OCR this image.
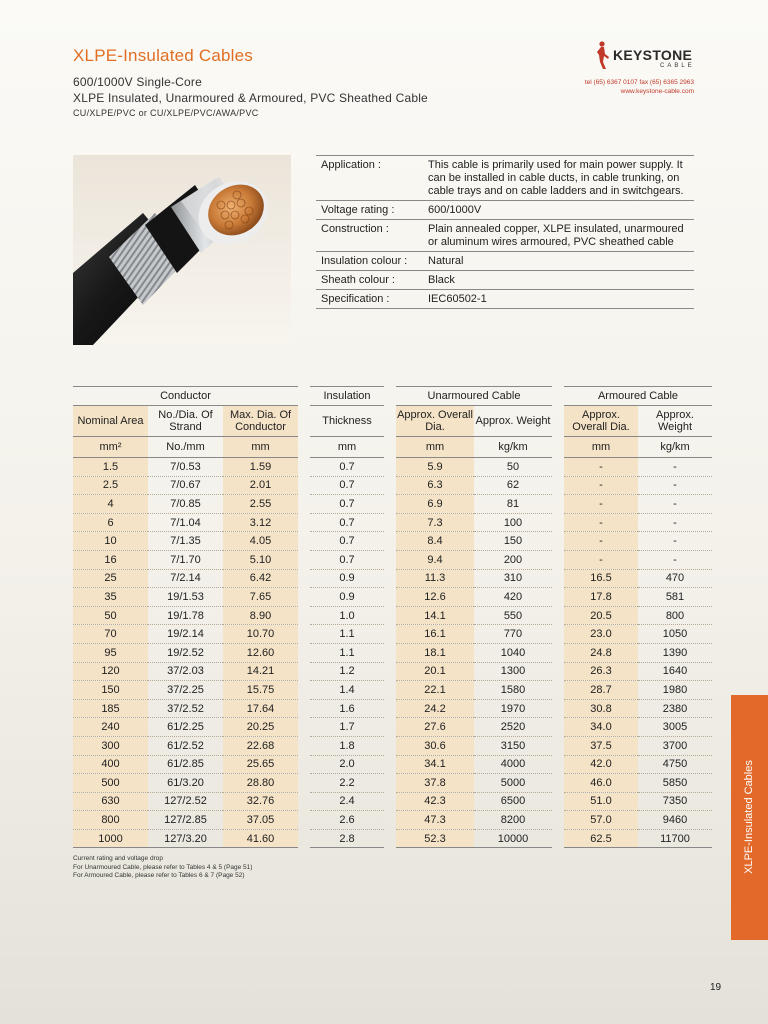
XLPE-Insulated Cables
600/1000V Single-Core
XLPE Insulated, Unarmoured & Armoured, PVC Sheathed Cable
CU/XLPE/PVC or CU/XLPE/PVC/AWA/PVC
KEYSTONE
CABLE
tel (65) 6367 0107 fax (65) 6365 2963
www.keystone-cable.com
Application :	This cable is primarily used for main power supply. It can be installed in cable ducts, in cable trunking, on cable trays and on cable ladders and in switchgears.
Voltage rating :	600/1000V
Construction :	Plain annealed copper, XLPE insulated, unarmoured or aluminum wires armoured, PVC sheathed cable
Insulation colour :	Natural
Sheath colour :	Black
Specification :	IEC60502-1
Conductor				Insulation		Unarmoured Cable			Armoured Cable	
Nominal Area	No./Dia. Of Strand	Max. Dia. Of Conductor		Thickness		Approx. Overall Dia.	Approx. Weight		Approx. Overall Dia.	Approx. Weight
mm²	No./mm	mm		mm		mm	kg/km		mm	kg/km
1.5	7/0.53	1.59		0.7		5.9	50		-	-
2.5	7/0.67	2.01		0.7		6.3	62		-	-
4	7/0.85	2.55		0.7		6.9	81		-	-
6	7/1.04	3.12		0.7		7.3	100		-	-
10	7/1.35	4.05		0.7		8.4	150		-	-
16	7/1.70	5.10		0.7		9.4	200		-	-
25	7/2.14	6.42		0.9		11.3	310		16.5	470
35	19/1.53	7.65		0.9		12.6	420		17.8	581
50	19/1.78	8.90		1.0		14.1	550		20.5	800
70	19/2.14	10.70		1.1		16.1	770		23.0	1050
95	19/2.52	12.60		1.1		18.1	1040		24.8	1390
120	37/2.03	14.21		1.2		20.1	1300		26.3	1640
150	37/2.25	15.75		1.4		22.1	1580		28.7	1980
185	37/2.52	17.64		1.6		24.2	1970		30.8	2380
240	61/2.25	20.25		1.7		27.6	2520		34.0	3005
300	61/2.52	22.68		1.8		30.6	3150		37.5	3700
400	61/2.85	25.65		2.0		34.1	4000		42.0	4750
500	61/3.20	28.80		2.2		37.8	5000		46.0	5850
630	127/2.52	32.76		2.4		42.3	6500		51.0	7350
800	127/2.85	37.05		2.6		47.3	8200		57.0	9460
1000	127/3.20	41.60		2.8		52.3	10000		62.5	11700
Current rating and voltage drop
For Unarmoured Cable, please refer to Tables 4 & 5 (Page 51)
For Armoured Cable, please refer to Tables 6 & 7 (Page 52)
XLPE-Insulated Cables
19
